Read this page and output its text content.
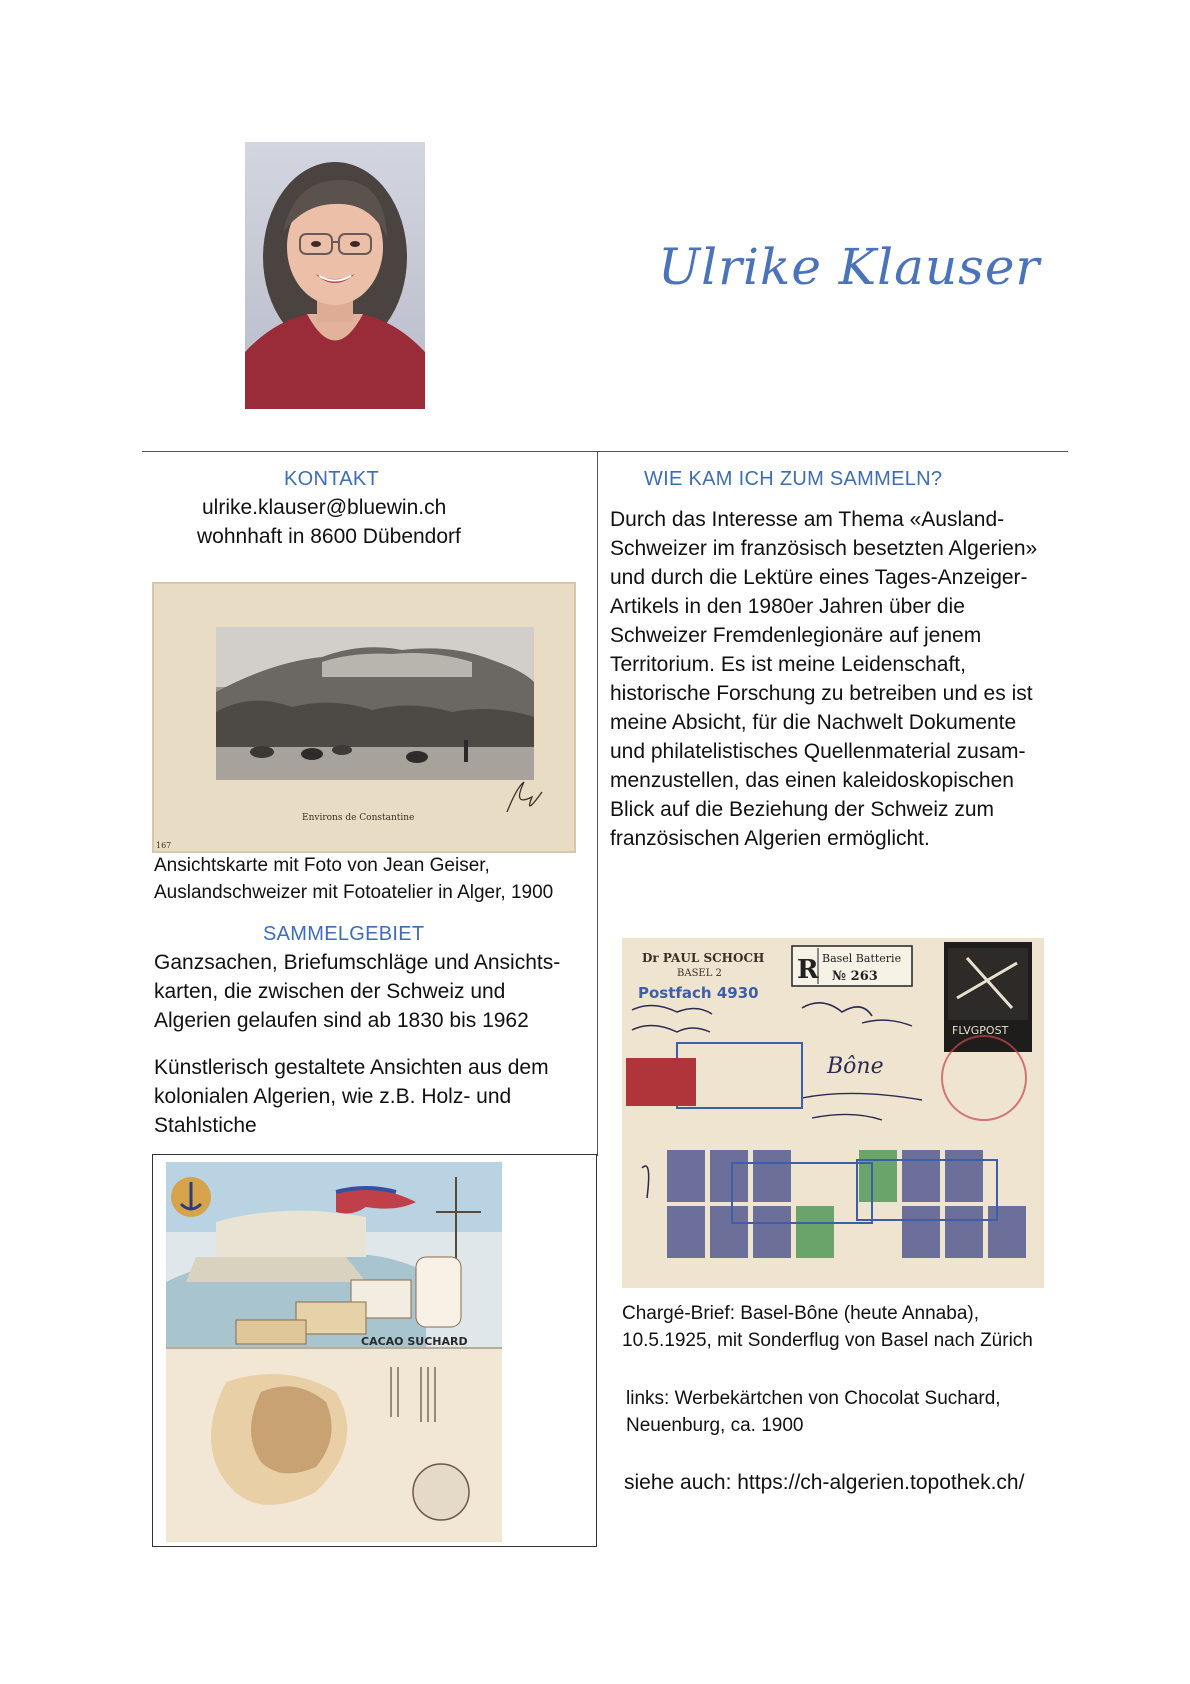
Ulrike Klauser
KONTAKT
ulrike.klauser@bluewin.ch
wohnhaft in 8600 Dübendorf
WIE KAM ICH ZUM SAMMELN?
Durch das Interesse am Thema «Ausland-
Schweizer im französisch besetzten Algerien»
und durch die Lektüre eines Tages-Anzeiger-
Artikels in den 1980er Jahren über die
Schweizer Fremdenlegionäre auf jenem
Territorium. Es ist meine Leidenschaft,
historische Forschung zu betreiben und es ist
meine Absicht, für die Nachwelt Dokumente
und philatelistisches Quellenmaterial zusam-
menzustellen, das einen kaleidoskopischen
Blick auf die Beziehung der Schweiz zum
französischen Algerien ermöglicht.
Environs de Constantine
167
Ansichtskarte mit Foto von Jean Geiser,
Auslandschweizer mit Fotoatelier in Alger, 1900
SAMMELGEBIET
Ganzsachen, Briefumschläge und Ansichts-
karten, die zwischen der Schweiz und
Algerien gelaufen sind ab 1830 bis 1962
Künstlerisch gestaltete Ansichten aus dem
kolonialen Algerien, wie z.B. Holz- und
Stahlstiche
Dr PAUL SCHOCH
BASEL 2
Postfach 4930
R Basel Batterie
№ 263
FLVGPOST
Bône
Chargé-Brief: Basel-Bône (heute Annaba),
10.5.1925, mit Sonderflug von Basel nach Zürich
CACAO SUCHARD
links: Werbekärtchen von Chocolat Suchard,
Neuenburg, ca. 1900
siehe auch: https://ch-algerien.topothek.ch/
